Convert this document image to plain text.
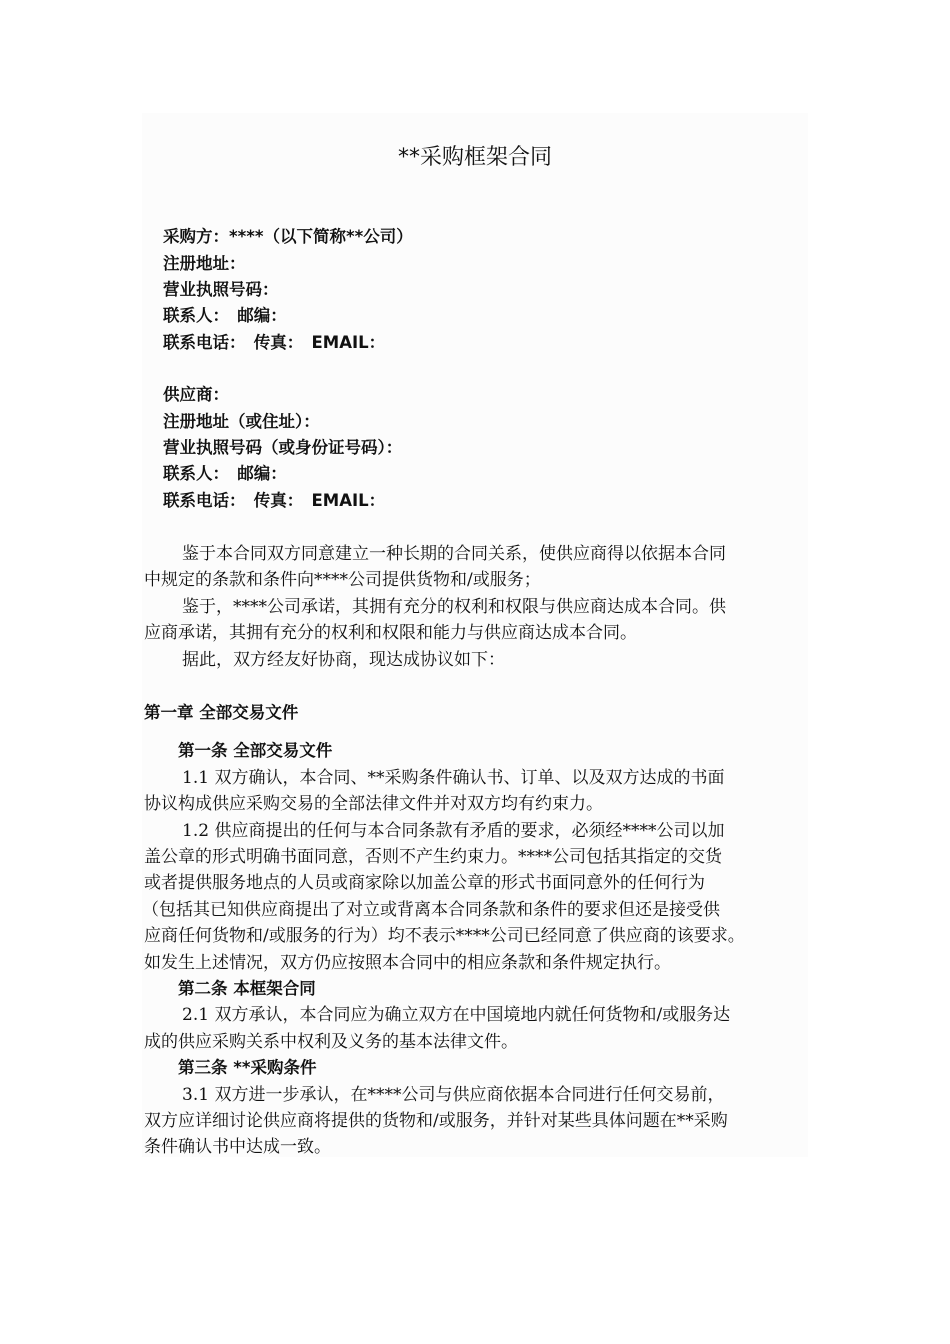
**采购框架合同
采购方：****（以下简称**公司）
注册地址：
营业执照号码：
联系人：　邮编：
联系电话：　传真：　EMAIL：
供应商：
注册地址（或住址）：
营业执照号码（或身份证号码）：
联系人：　邮编：
联系电话：　传真：　EMAIL：
鉴于本合同双方同意建立一种长期的合同关系，使供应商得以依据本合同
中规定的条款和条件向****公司提供货物和/或服务；
鉴于，****公司承诺，其拥有充分的权利和权限与供应商达成本合同。供
应商承诺，其拥有充分的权利和权限和能力与供应商达成本合同。
据此，双方经友好协商，现达成协议如下：
第一章 全部交易文件
第一条 全部交易文件
1.1 双方确认，本合同、**采购条件确认书、订单、以及双方达成的书面
协议构成供应采购交易的全部法律文件并对双方均有约束力。
1.2 供应商提出的任何与本合同条款有矛盾的要求，必须经****公司以加
盖公章的形式明确书面同意，否则不产生约束力。****公司包括其指定的交货
或者提供服务地点的人员或商家除以加盖公章的形式书面同意外的任何行为
（包括其已知供应商提出了对立或背离本合同条款和条件的要求但还是接受供
应商任何货物和/或服务的行为）均不表示****公司已经同意了供应商的该要求。
如发生上述情况，双方仍应按照本合同中的相应条款和条件规定执行。
第二条 本框架合同
2.1 双方承认，本合同应为确立双方在中国境地内就任何货物和/或服务达
成的供应采购关系中权利及义务的基本法律文件。
第三条 **采购条件
3.1 双方进一步承认，在****公司与供应商依据本合同进行任何交易前，
双方应详细讨论供应商将提供的货物和/或服务，并针对某些具体问题在**采购
条件确认书中达成一致。
